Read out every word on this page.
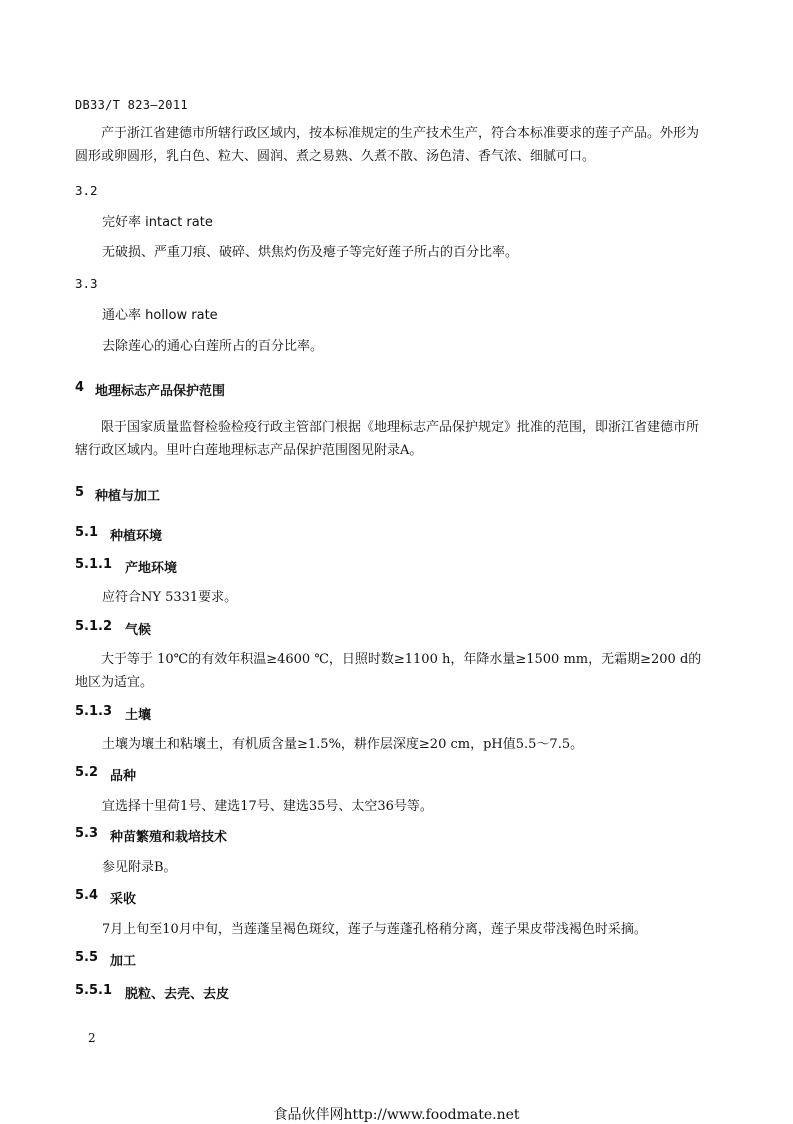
DB33/T 823—2011
产于浙江省建德市所辖行政区域内，按本标准规定的生产技术生产，符合本标准要求的莲子产品。外形为圆形或卵圆形，乳白色、粒大、圆润、煮之易熟、久煮不散、汤色清、香气浓、细腻可口。
3.2
完好率 intact rate
无破损、严重刀痕、破碎、烘焦灼伤及瘪子等完好莲子所占的百分比率。
3.3
通心率 hollow rate
去除莲心的通心白莲所占的百分比率。
4 地理标志产品保护范围
限于国家质量监督检验检疫行政主管部门根据《地理标志产品保护规定》批准的范围，即浙江省建德市所辖行政区域内。里叶白莲地理标志产品保护范围图见附录A。
5 种植与加工
5.1 种植环境
5.1.1 产地环境
应符合NY 5331要求。
5.1.2 气候
大于等于 10℃的有效年积温≥4600 ℃，日照时数≥1100 h，年降水量≥1500 mm，无霜期≥200 d的地区为适宜。
5.1.3 土壤
土壤为壤土和粘壤土，有机质含量≥1.5%，耕作层深度≥20 cm，pH值5.5～7.5。
5.2 品种
宜选择十里荷1号、建选17号、建选35号、太空36号等。
5.3 种苗繁殖和栽培技术
参见附录B。
5.4 采收
7月上旬至10月中旬，当莲蓬呈褐色斑纹，莲子与莲蓬孔格稍分离，莲子果皮带浅褐色时采摘。
5.5 加工
5.5.1 脱粒、去壳、去皮
2
食品伙伴网http://www.foodmate.net
